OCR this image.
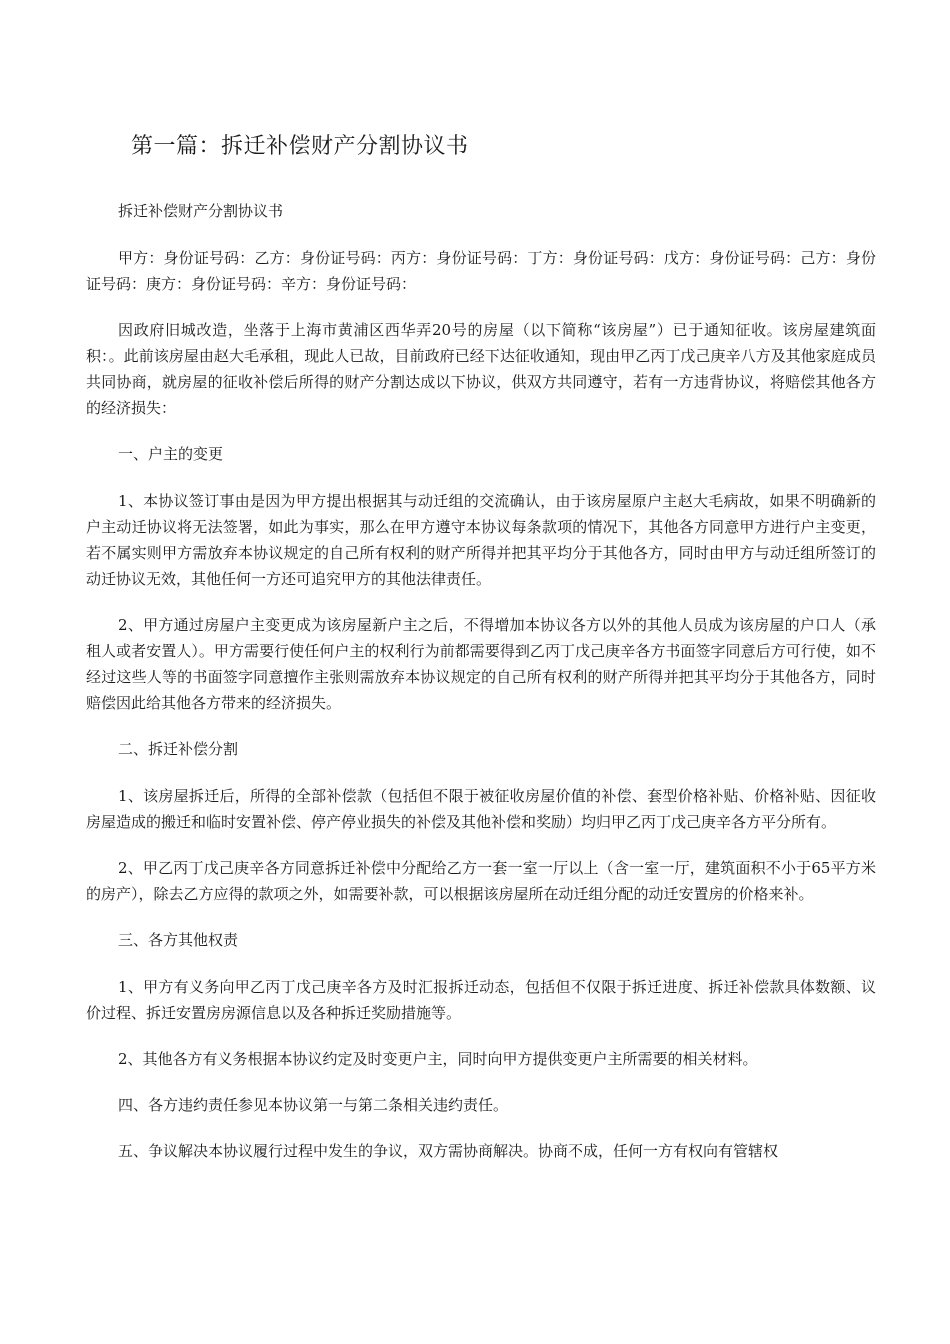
第一篇：拆迁补偿财产分割协议书

拆迁补偿财产分割协议书

甲方：身份证号码：乙方：身份证号码：丙方：身份证号码：丁方：身份证号码：戊方：身份证号码：己方：身份证号码：庚方：身份证号码：辛方：身份证号码：

因政府旧城改造，坐落于上海市黄浦区西华弄20号的房屋（以下简称“该房屋”）已于通知征收。该房屋建筑面积：。此前该房屋由赵大毛承租，现此人已故，目前政府已经下达征收通知，现由甲乙丙丁戊己庚辛八方及其他家庭成员共同协商，就房屋的征收补偿后所得的财产分割达成以下协议，供双方共同遵守，若有一方违背协议，将赔偿其他各方的经济损失：

一、户主的变更

1、本协议签订事由是因为甲方提出根据其与动迁组的交流确认，由于该房屋原户主赵大毛病故，如果不明确新的户主动迁协议将无法签署，如此为事实，那么在甲方遵守本协议每条款项的情况下，其他各方同意甲方进行户主变更，若不属实则甲方需放弃本协议规定的自己所有权利的财产所得并把其平均分于其他各方，同时由甲方与动迁组所签订的动迁协议无效，其他任何一方还可追究甲方的其他法律责任。

2、甲方通过房屋户主变更成为该房屋新户主之后，不得增加本协议各方以外的其他人员成为该房屋的户口人（承租人或者安置人）。甲方需要行使任何户主的权利行为前都需要得到乙丙丁戊己庚辛各方书面签字同意后方可行使，如不经过这些人等的书面签字同意擅作主张则需放弃本协议规定的自己所有权利的财产所得并把其平均分于其他各方，同时赔偿因此给其他各方带来的经济损失。

二、拆迁补偿分割

1、该房屋拆迁后，所得的全部补偿款（包括但不限于被征收房屋价值的补偿、套型价格补贴、价格补贴、因征收房屋造成的搬迁和临时安置补偿、停产停业损失的补偿及其他补偿和奖励）均归甲乙丙丁戊己庚辛各方平分所有。

2、甲乙丙丁戊己庚辛各方同意拆迁补偿中分配给乙方一套一室一厅以上（含一室一厅，建筑面积不小于65平方米的房产），除去乙方应得的款项之外，如需要补款，可以根据该房屋所在动迁组分配的动迁安置房的价格来补。

三、各方其他权责

1、甲方有义务向甲乙丙丁戊己庚辛各方及时汇报拆迁动态，包括但不仅限于拆迁进度、拆迁补偿款具体数额、议价过程、拆迁安置房房源信息以及各种拆迁奖励措施等。

2、其他各方有义务根据本协议约定及时变更户主，同时向甲方提供变更户主所需要的相关材料。

四、各方违约责任参见本协议第一与第二条相关违约责任。

五、争议解决本协议履行过程中发生的争议，双方需协商解决。协商不成，任何一方有权向有管辖权
